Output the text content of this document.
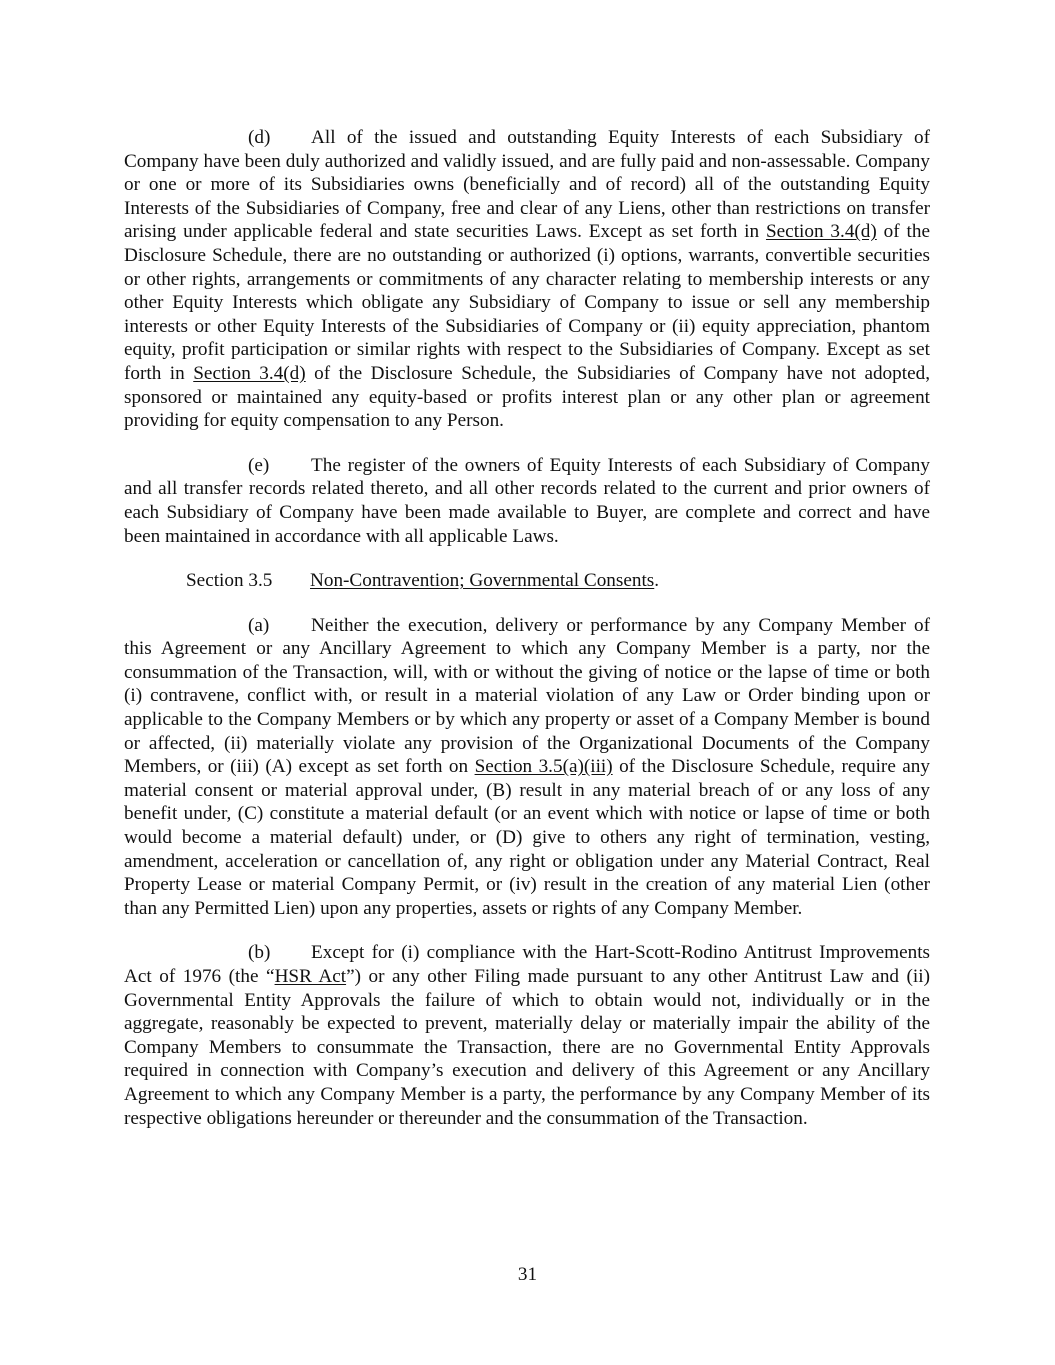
(d) All of the issued and outstanding Equity Interests of each Subsidiary of Company have been duly authorized and validly issued, and are fully paid and non-assessable. Company or one or more of its Subsidiaries owns (beneficially and of record) all of the outstanding Equity Interests of the Subsidiaries of Company, free and clear of any Liens, other than restrictions on transfer arising under applicable federal and state securities Laws. Except as set forth in Section 3.4(d) of the Disclosure Schedule, there are no outstanding or authorized (i) options, warrants, convertible securities or other rights, arrangements or commitments of any character relating to membership interests or any other Equity Interests which obligate any Subsidiary of Company to issue or sell any membership interests or other Equity Interests of the Subsidiaries of Company or (ii) equity appreciation, phantom equity, profit participation or similar rights with respect to the Subsidiaries of Company. Except as set forth in Section 3.4(d) of the Disclosure Schedule, the Subsidiaries of Company have not adopted, sponsored or maintained any equity-based or profits interest plan or any other plan or agreement providing for equity compensation to any Person.

(e) The register of the owners of Equity Interests of each Subsidiary of Company and all transfer records related thereto, and all other records related to the current and prior owners of each Subsidiary of Company have been made available to Buyer, are complete and correct and have been maintained in accordance with all applicable Laws.

Section 3.5 Non-Contravention; Governmental Consents.

(a) Neither the execution, delivery or performance by any Company Member of this Agreement or any Ancillary Agreement to which any Company Member is a party, nor the consummation of the Transaction, will, with or without the giving of notice or the lapse of time or both (i) contravene, conflict with, or result in a material violation of any Law or Order binding upon or applicable to the Company Members or by which any property or asset of a Company Member is bound or affected, (ii) materially violate any provision of the Organizational Documents of the Company Members, or (iii) (A) except as set forth on Section 3.5(a)(iii) of the Disclosure Schedule, require any material consent or material approval under, (B) result in any material breach of or any loss of any benefit under, (C) constitute a material default (or an event which with notice or lapse of time or both would become a material default) under, or (D) give to others any right of termination, vesting, amendment, acceleration or cancellation of, any right or obligation under any Material Contract, Real Property Lease or material Company Permit, or (iv) result in the creation of any material Lien (other than any Permitted Lien) upon any properties, assets or rights of any Company Member.

(b) Except for (i) compliance with the Hart-Scott-Rodino Antitrust Improvements Act of 1976 (the “HSR Act”) or any other Filing made pursuant to any other Antitrust Law and (ii) Governmental Entity Approvals the failure of which to obtain would not, individually or in the aggregate, reasonably be expected to prevent, materially delay or materially impair the ability of the Company Members to consummate the Transaction, there are no Governmental Entity Approvals required in connection with Company’s execution and delivery of this Agreement or any Ancillary Agreement to which any Company Member is a party, the performance by any Company Member of its respective obligations hereunder or thereunder and the consummation of the Transaction.

31
